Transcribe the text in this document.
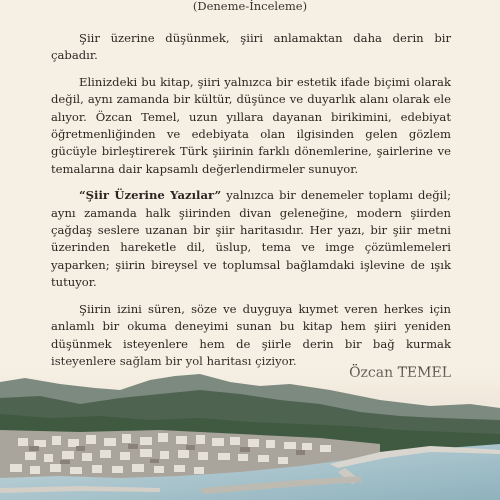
(Deneme-İnceleme)

Şiir üzerine düşünmek, şiiri anlamaktan daha derin bir çabadır.

Elinizdeki bu kitap, şiiri yalnızca bir estetik ifade biçimi olarak değil, aynı zamanda bir kültür, düşünce ve duyarlık alanı olarak ele alıyor. Özcan Temel, uzun yıllara dayanan birikimini, edebiyat öğretmenliğinden ve edebiyata olan ilgisinden gelen gözlem gücüyle birleştirerek Türk şiirinin farklı dönemlerine, şairlerine ve temalarına dair kapsamlı değerlendirmeler sunuyor.

“Şiir Üzerine Yazılar” yalnızca bir denemeler toplamı değil; aynı zamanda halk şiirinden divan geleneğine, modern şiirden çağdaş seslere uzanan bir şiir haritasıdır. Her yazı, bir şiir metni üzerinden hareketle dil, üslup, tema ve imge çözümlemeleri yaparken; şiirin bireysel ve toplumsal bağlamdaki işlevine de ışık tutuyor.

Şiirin izini süren, söze ve duyguya kıymet veren herkes için anlamlı bir okuma deneyimi sunan bu kitap hem şiiri yeniden düşünmek isteyenlere hem de şiirle derin bir bağ kurmak
